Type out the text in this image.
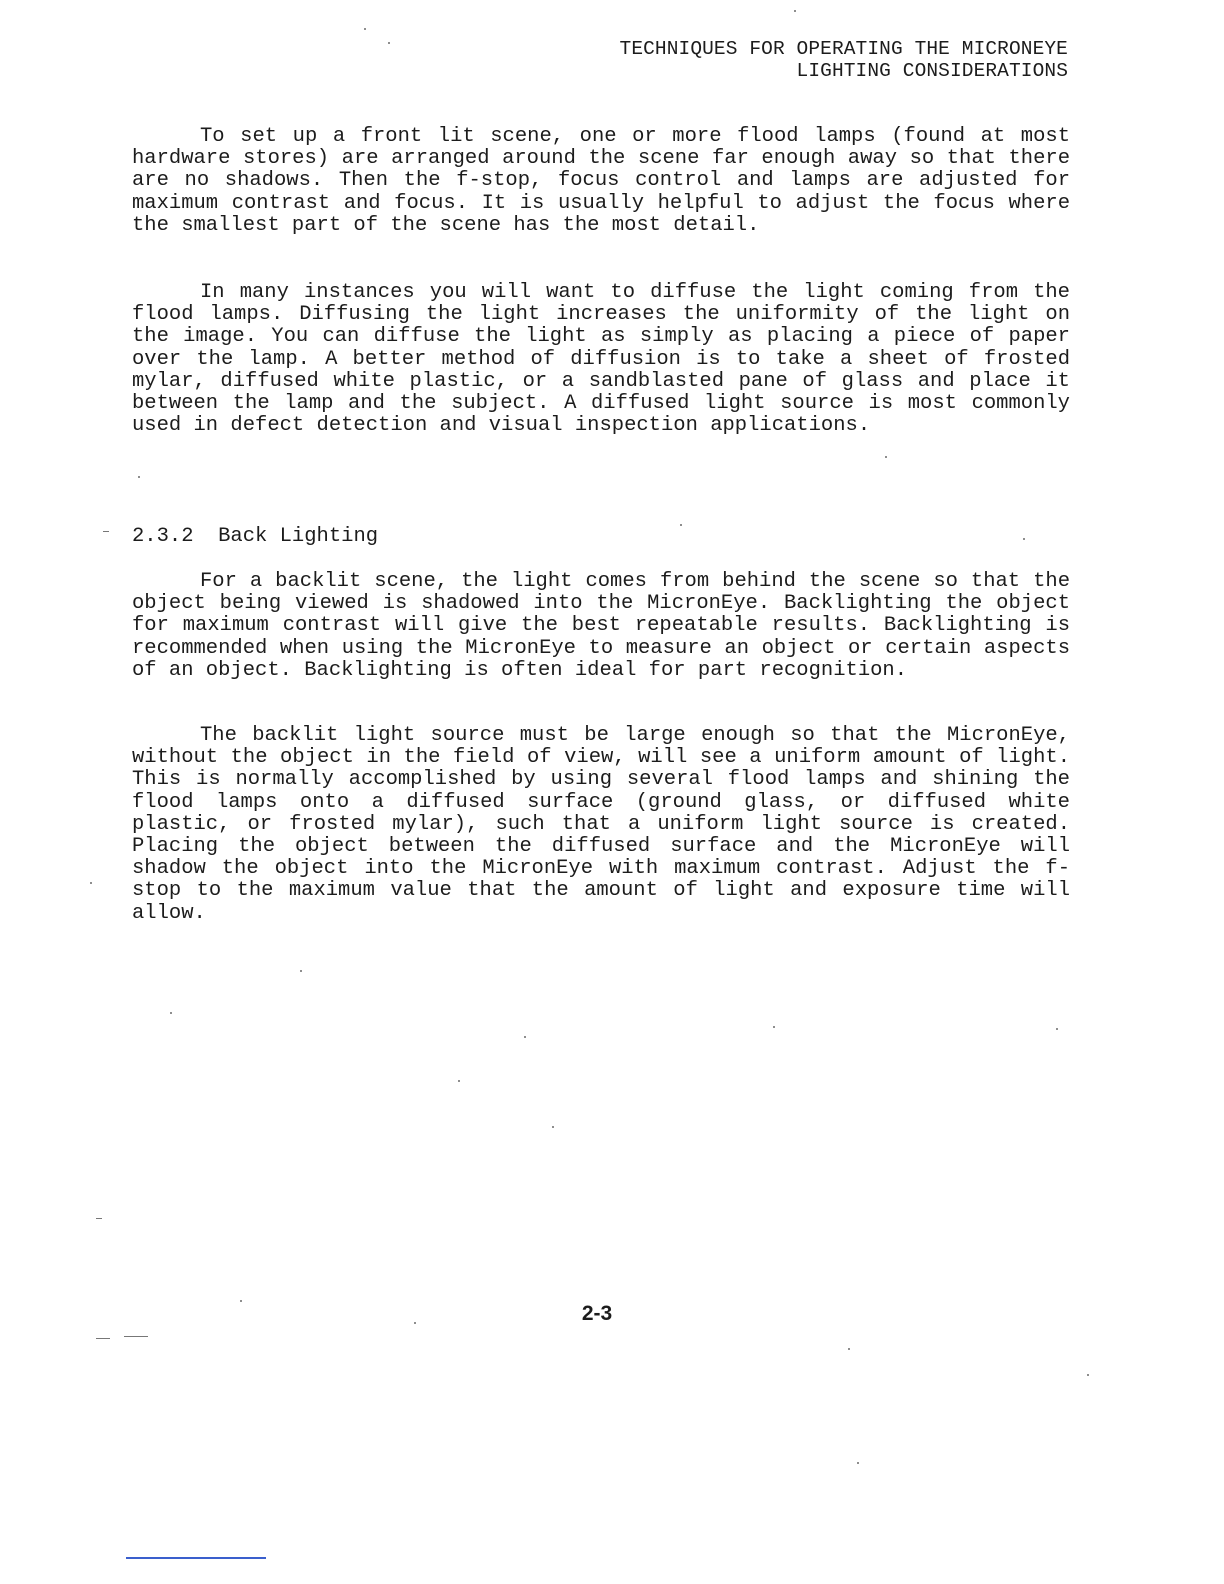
TECHNIQUES FOR OPERATING THE MICRONEYE
LIGHTING CONSIDERATIONS

To set up a front lit scene, one or more flood lamps (found at most hardware stores) are arranged around the scene far enough away so that there are no shadows. Then the f-stop, focus control and lamps are adjusted for maximum contrast and focus. It is usually helpful to adjust the focus where the smallest part of the scene has the most detail.

In many instances you will want to diffuse the light coming from the flood lamps. Diffusing the light increases the uniformity of the light on the image. You can diffuse the light as simply as placing a piece of paper over the lamp. A better method of diffusion is to take a sheet of frosted mylar, diffused white plastic, or a sandblasted pane of glass and place it between the lamp and the subject. A diffused light source is most commonly used in defect detection and visual inspection applications.

2.3.2 Back Lighting

For a backlit scene, the light comes from behind the scene so that the object being viewed is shadowed into the MicronEye. Backlighting the object for maximum contrast will give the best repeatable results. Backlighting is recommended when using the MicronEye to measure an object or certain aspects of an object. Backlighting is often ideal for part recognition.

The backlit light source must be large enough so that the MicronEye, without the object in the field of view, will see a uniform amount of light. This is normally accomplished by using several flood lamps and shining the flood lamps onto a diffused surface (ground glass, or diffused white plastic, or frosted mylar), such that a uniform light source is created. Placing the object between the diffused surface and the MicronEye will shadow the object into the MicronEye with maximum contrast. Adjust the f-stop to the maximum value that the amount of light and exposure time will allow.

2-3
